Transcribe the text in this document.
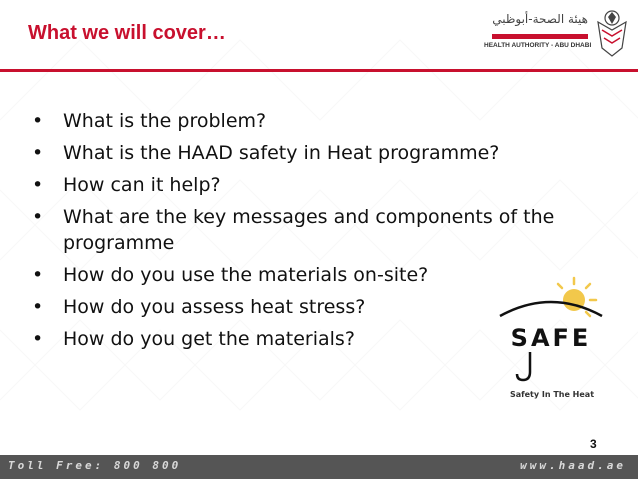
What we will cover…
هيئة الصحة-أبوظبي
HEALTH AUTHORITY - ABU DHABI
• What is the problem?
• What is the HAAD safety in Heat programme?
• How can it help?
• What are the key messages and components of the programme
• How do you use the materials on-site?
• How do you assess heat stress?
• How do you get the materials?	SAFE
Safety In The Heat
3
Toll Free: 800 800	www.haad.ae
